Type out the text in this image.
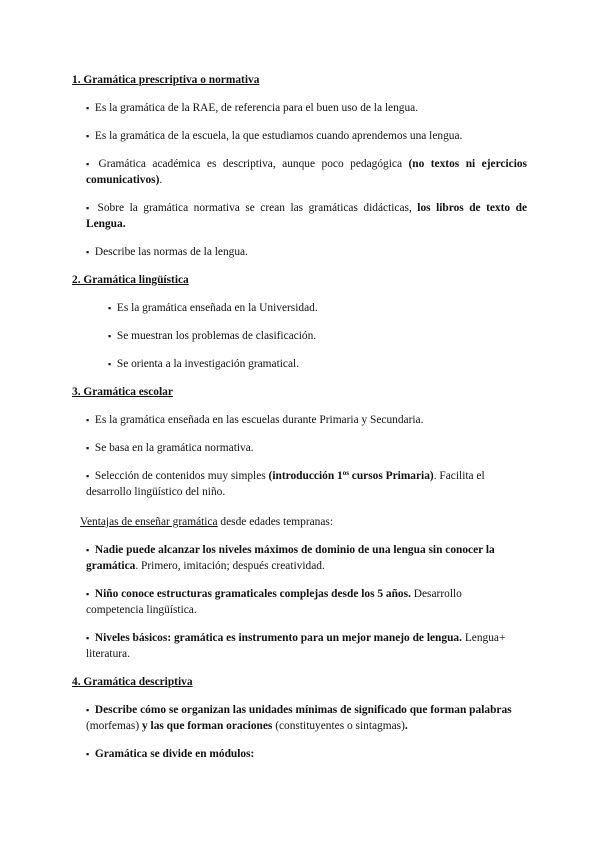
1. Gramática prescriptiva o normativa
▪ Es la gramática de la RAE, de referencia para el buen uso de la lengua.
▪ Es la gramática de la escuela, la que estudiamos cuando aprendemos una lengua.
▪ Gramática académica es descriptiva, aunque poco pedagógica (no textos ni ejercicios comunicativos).
▪ Sobre la gramática normativa se crean las gramáticas didácticas, los libros de texto de Lengua.
▪ Describe las normas de la lengua.
2. Gramática lingüística
▪ Es la gramática enseñada en la Universidad.
▪ Se muestran los problemas de clasificación.
▪ Se orienta a la investigación gramatical.
3. Gramática escolar
▪ Es la gramática enseñada en las escuelas durante Primaria y Secundaria.
▪ Se basa en la gramática normativa.
▪ Selección de contenidos muy simples (introducción $1^{os}$ cursos Primaria). Facilita el desarrollo lingüístico del niño.
Ventajas de enseñar gramática desde edades tempranas:
▪ Nadie puede alcanzar los niveles máximos de dominio de una lengua sin conocer la gramática. Primero, imitación; después creatividad.
▪ Niño conoce estructuras gramaticales complejas desde los 5 años. Desarrollo competencia lingüística.
▪ Niveles básicos: gramática es instrumento para un mejor manejo de lengua. Lengua+ literatura.
4. Gramática descriptiva
▪ Describe cómo se organizan las unidades mínimas de significado que forman palabras (morfemas) y las que forman oraciones (constituyentes o sintagmas).
▪ Gramática se divide en módulos:
